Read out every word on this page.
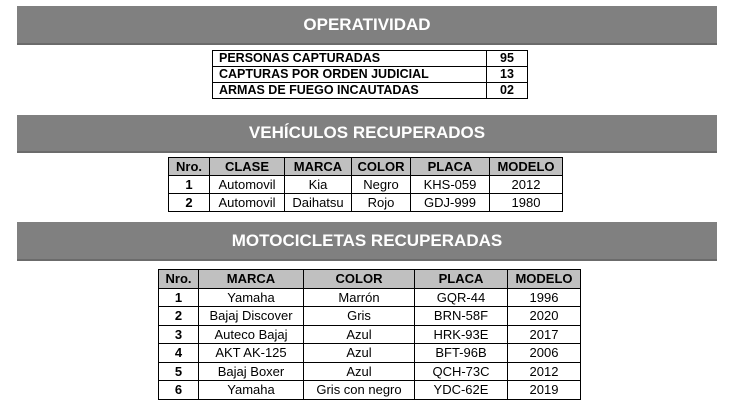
OPERATIVIDAD
PERSONAS CAPTURADAS	95
CAPTURAS POR ORDEN JUDICIAL	13
ARMAS DE FUEGO INCAUTADAS	02
VEHÍCULOS RECUPERADOS
Nro.	CLASE	MARCA	COLOR	PLACA	MODELO
1	Automovil	Kia	Negro	KHS-059	2012
2	Automovil	Daihatsu	Rojo	GDJ-999	1980
MOTOCICLETAS RECUPERADAS
Nro.	MARCA	COLOR	PLACA	MODELO
1	Yamaha	Marrón	GQR-44	1996
2	Bajaj Discover	Gris	BRN-58F	2020
3	Auteco Bajaj	Azul	HRK-93E	2017
4	AKT AK-125	Azul	BFT-96B	2006
5	Bajaj Boxer	Azul	QCH-73C	2012
6	Yamaha	Gris con negro	YDC-62E	2019
